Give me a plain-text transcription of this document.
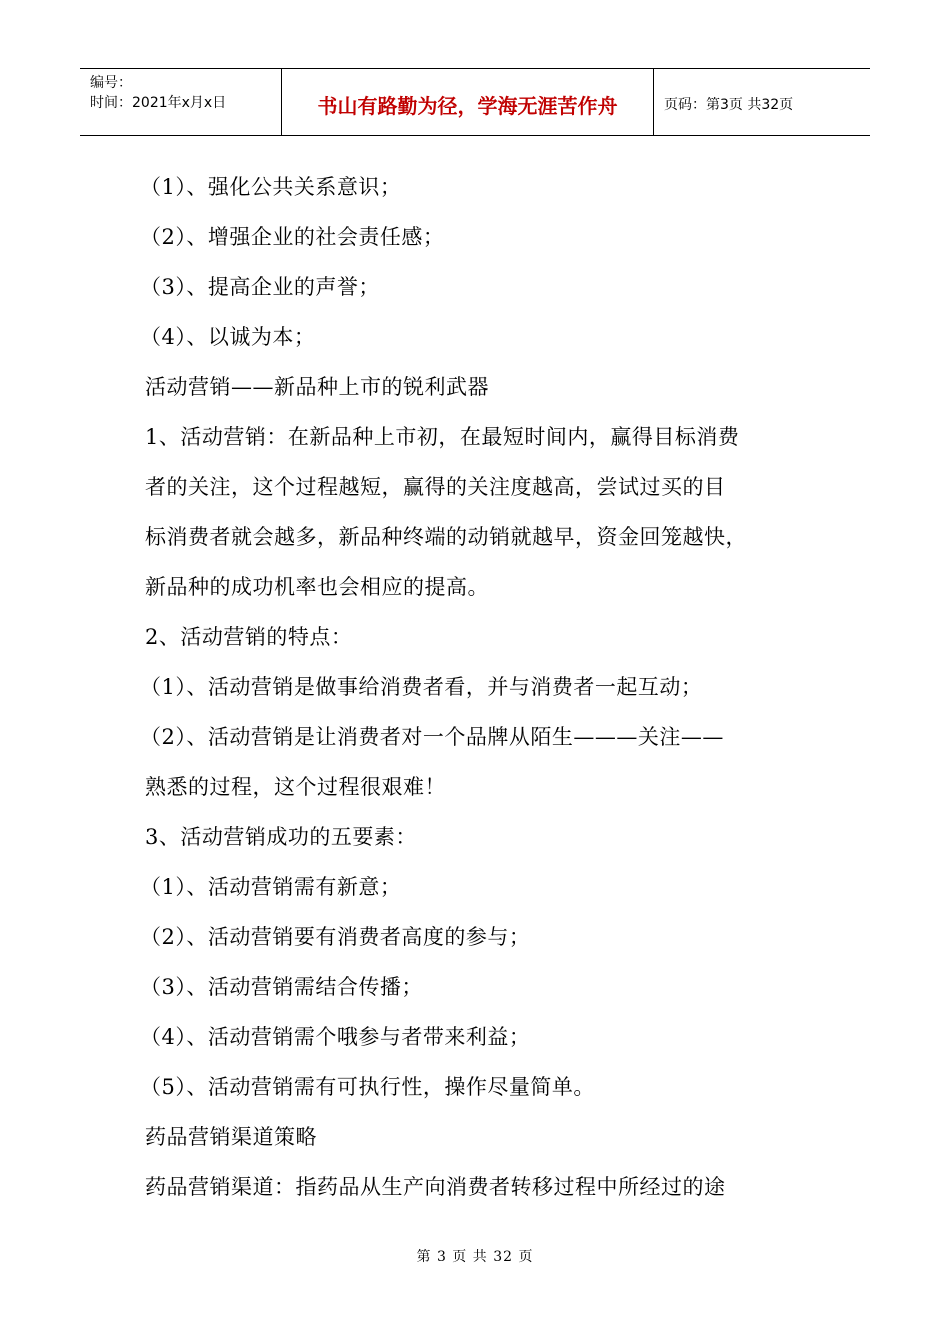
编号：
时间：2021年x月x日	书山有路勤为径，学海无涯苦作舟	页码：第3页 共32页
（1）、强化公共关系意识；
（2）、增强企业的社会责任感；
（3）、提高企业的声誉；
（4）、以诚为本；
活动营销——新品种上市的锐利武器
1、活动营销：在新品种上市初，在最短时间内，赢得目标消费
者的关注，这个过程越短，赢得的关注度越高，尝试过买的目
标消费者就会越多，新品种终端的动销就越早，资金回笼越快，
新品种的成功机率也会相应的提高。
2、活动营销的特点：
（1）、活动营销是做事给消费者看，并与消费者一起互动；
（2）、活动营销是让消费者对一个品牌从陌生———关注——
熟悉的过程，这个过程很艰难！
3、活动营销成功的五要素：
（1）、活动营销需有新意；
（2）、活动营销要有消费者高度的参与；
（3）、活动营销需结合传播；
（4）、活动营销需个哦参与者带来利益；
（5）、活动营销需有可执行性，操作尽量简单。
药品营销渠道策略
药品营销渠道：指药品从生产向消费者转移过程中所经过的途
第 3 页 共 32 页
